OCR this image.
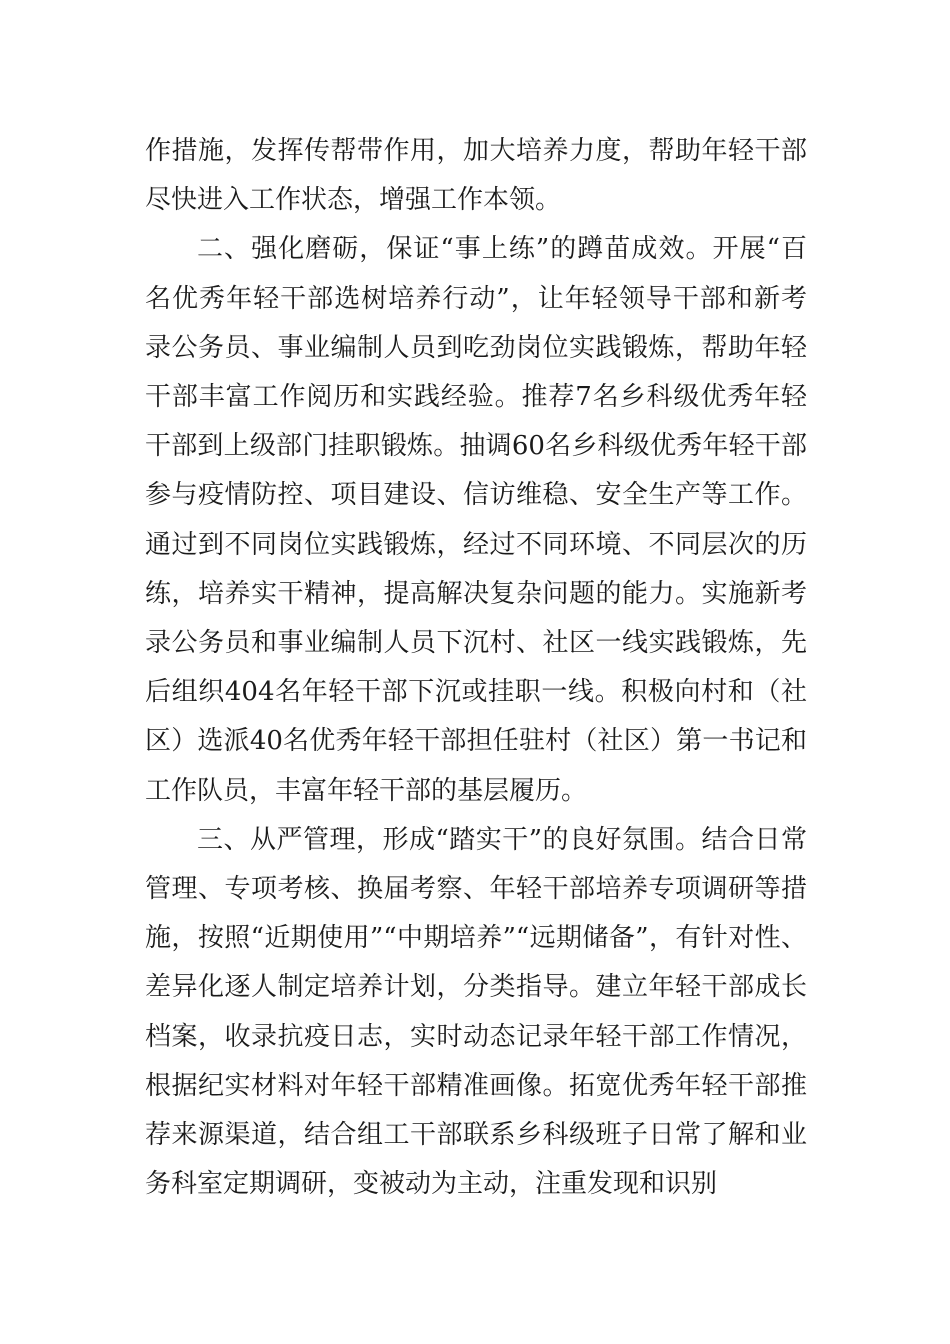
作措施，发挥传帮带作用，加大培养力度，帮助年轻干部尽快进入工作状态，增强工作本领。

二、强化磨砺，保证“事上练”的蹲苗成效。开展“百名优秀年轻干部选树培养行动”，让年轻领导干部和新考录公务员、事业编制人员到吃劲岗位实践锻炼，帮助年轻干部丰富工作阅历和实践经验。推荐7名乡科级优秀年轻干部到上级部门挂职锻炼。抽调60名乡科级优秀年轻干部参与疫情防控、项目建设、信访维稳、安全生产等工作。通过到不同岗位实践锻炼，经过不同环境、不同层次的历练，培养实干精神，提高解决复杂问题的能力。实施新考录公务员和事业编制人员下沉村、社区一线实践锻炼，先后组织404名年轻干部下沉或挂职一线。积极向村和（社区）选派40名优秀年轻干部担任驻村（社区）第一书记和工作队员，丰富年轻干部的基层履历。

三、从严管理，形成“踏实干”的良好氛围。结合日常管理、专项考核、换届考察、年轻干部培养专项调研等措施，按照“近期使用”“中期培养”“远期储备”，有针对性、差异化逐人制定培养计划，分类指导。建立年轻干部成长档案，收录抗疫日志，实时动态记录年轻干部工作情况，根据纪实材料对年轻干部精准画像。拓宽优秀年轻干部推荐来源渠道，结合组工干部联系乡科级班子日常了解和业务科室定期调研，变被动为主动，注重发现和识别
